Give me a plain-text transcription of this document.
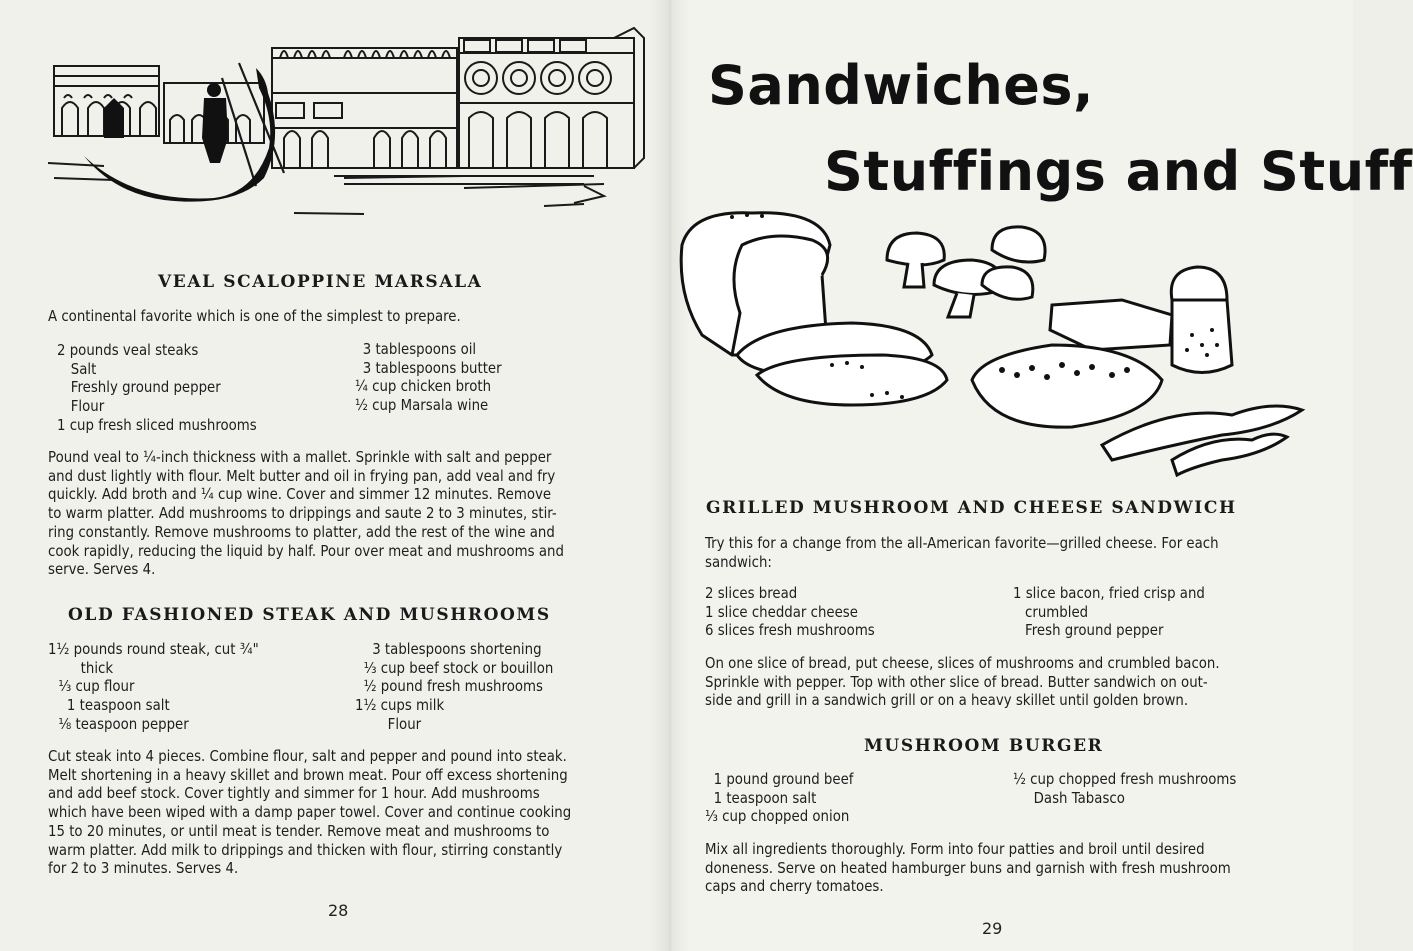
VEAL SCALOPPINE MARSALA
A continental favorite which is one of the simplest to prepare.
2 pounds veal steaks
Salt
Freshly ground pepper
Flour
1 cup fresh sliced mushrooms
3 tablespoons oil
3 tablespoons butter
¼ cup chicken broth
½ cup Marsala wine
Pound veal to ¼-inch thickness with a mallet. Sprinkle with salt and pepper
and dust lightly with flour. Melt butter and oil in frying pan, add veal and fry
quickly. Add broth and ¼ cup wine. Cover and simmer 12 minutes. Remove
to warm platter. Add mushrooms to drippings and saute 2 to 3 minutes, stir-
ring constantly. Remove mushrooms to platter, add the rest of the wine and
cook rapidly, reducing the liquid by half. Pour over meat and mushrooms and
serve. Serves 4.
OLD FASHIONED STEAK AND MUSHROOMS
1½ pounds round steak, cut ¾"
thick
⅓ cup flour
1 teaspoon salt
⅛ teaspoon pepper
3 tablespoons shortening
⅓ cup beef stock or bouillon
½ pound fresh mushrooms
1½ cups milk
Flour
Cut steak into 4 pieces. Combine flour, salt and pepper and pound into steak.
Melt shortening in a heavy skillet and brown meat. Pour off excess shortening
and add beef stock. Cover tightly and simmer for 1 hour. Add mushrooms
which have been wiped with a damp paper towel. Cover and continue cooking
15 to 20 minutes, or until meat is tender. Remove meat and mushrooms to
warm platter. Add milk to drippings and thicken with flour, stirring constantly
for 2 to 3 minutes. Serves 4.
28
Sandwiches,
Stuffings and Stuff
GRILLED MUSHROOM AND CHEESE SANDWICH
Try this for a change from the all-American favorite—grilled cheese. For each
sandwich:
2 slices bread
1 slice cheddar cheese
6 slices fresh mushrooms
1 slice bacon, fried crisp and
crumbled
Fresh ground pepper
On one slice of bread, put cheese, slices of mushrooms and crumbled bacon.
Sprinkle with pepper. Top with other slice of bread. Butter sandwich on out-
side and grill in a sandwich grill or on a heavy skillet until golden brown.
MUSHROOM BURGER
1 pound ground beef
1 teaspoon salt
⅓ cup chopped onion
½ cup chopped fresh mushrooms
Dash Tabasco
Mix all ingredients thoroughly. Form into four patties and broil until desired
doneness. Serve on heated hamburger buns and garnish with fresh mushroom
caps and cherry tomatoes.
29
